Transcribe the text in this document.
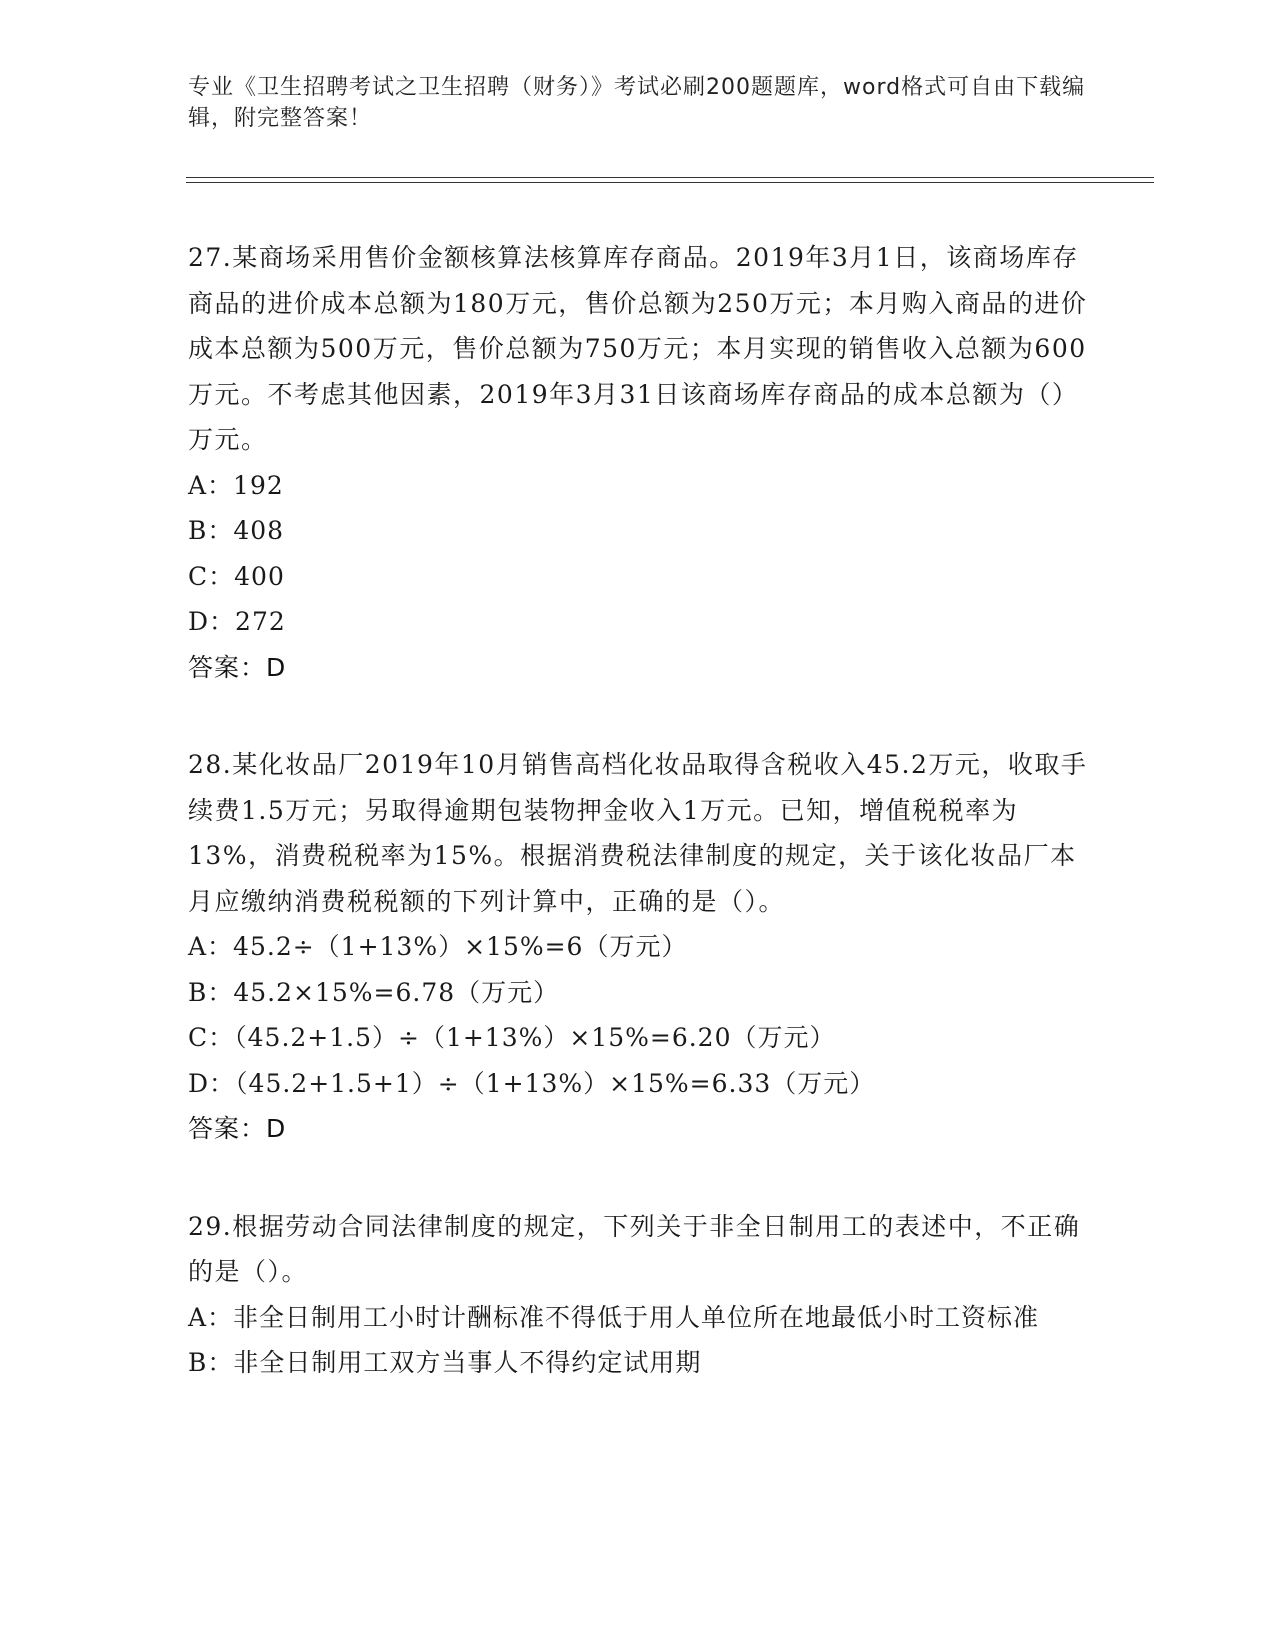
专业《卫生招聘考试之卫生招聘（财务）》考试必刷200题题库，word格式可自由下载编辑，附完整答案！
27.某商场采用售价金额核算法核算库存商品。2019年3月1日，该商场库存商品的进价成本总额为180万元，售价总额为250万元；本月购入商品的进价成本总额为500万元，售价总额为750万元；本月实现的销售收入总额为600万元。不考虑其他因素，2019年3月31日该商场库存商品的成本总额为（）万元。
A：192
B：408
C：400
D：272
答案：D
28.某化妆品厂2019年10月销售高档化妆品取得含税收入45.2万元，收取手续费1.5万元；另取得逾期包装物押金收入1万元。已知，增值税税率为13%，消费税税率为15%。根据消费税法律制度的规定，关于该化妆品厂本月应缴纳消费税税额的下列计算中，正确的是（）。
A：45.2÷（1+13%）×15%=6（万元）
B：45.2×15%=6.78（万元）
C：（45.2+1.5）÷（1+13%）×15%=6.20（万元）
D：（45.2+1.5+1）÷（1+13%）×15%=6.33（万元）
答案：D
29.根据劳动合同法律制度的规定，下列关于非全日制用工的表述中，不正确的是（）。
A：非全日制用工小时计酬标准不得低于用人单位所在地最低小时工资标准
B：非全日制用工双方当事人不得约定试用期
